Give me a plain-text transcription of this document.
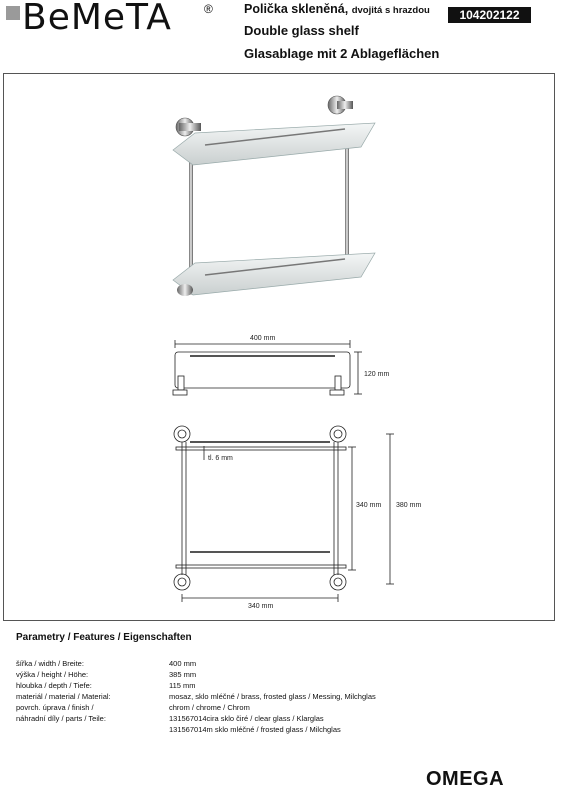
BeMeTA	® Polička skleněná, dvojitá s hrazdou
Double glass shelf
Glasablage mit 2 Ablageflächen
104202122
400 mm
120 mm
tl. 6 mm
340 mm 380 mm
340 mm
Parametry / Features / Eigenschaften
šířka / width / Breite:	400 mm
výška / height / Höhe:	385 mm
hloubka / depth / Tiefe:	115 mm
materiál / material / Material:	mosaz, sklo mléčné / brass, frosted glass / Messing, Milchglas
povrch. úprava / finish /	chrom / chrome / Chrom
náhradní díly / parts / Teile:	131567014cira sklo čiré / clear glass / Klarglas
131567014m sklo mléčné / frosted glass / Milchglas
OMEGA
